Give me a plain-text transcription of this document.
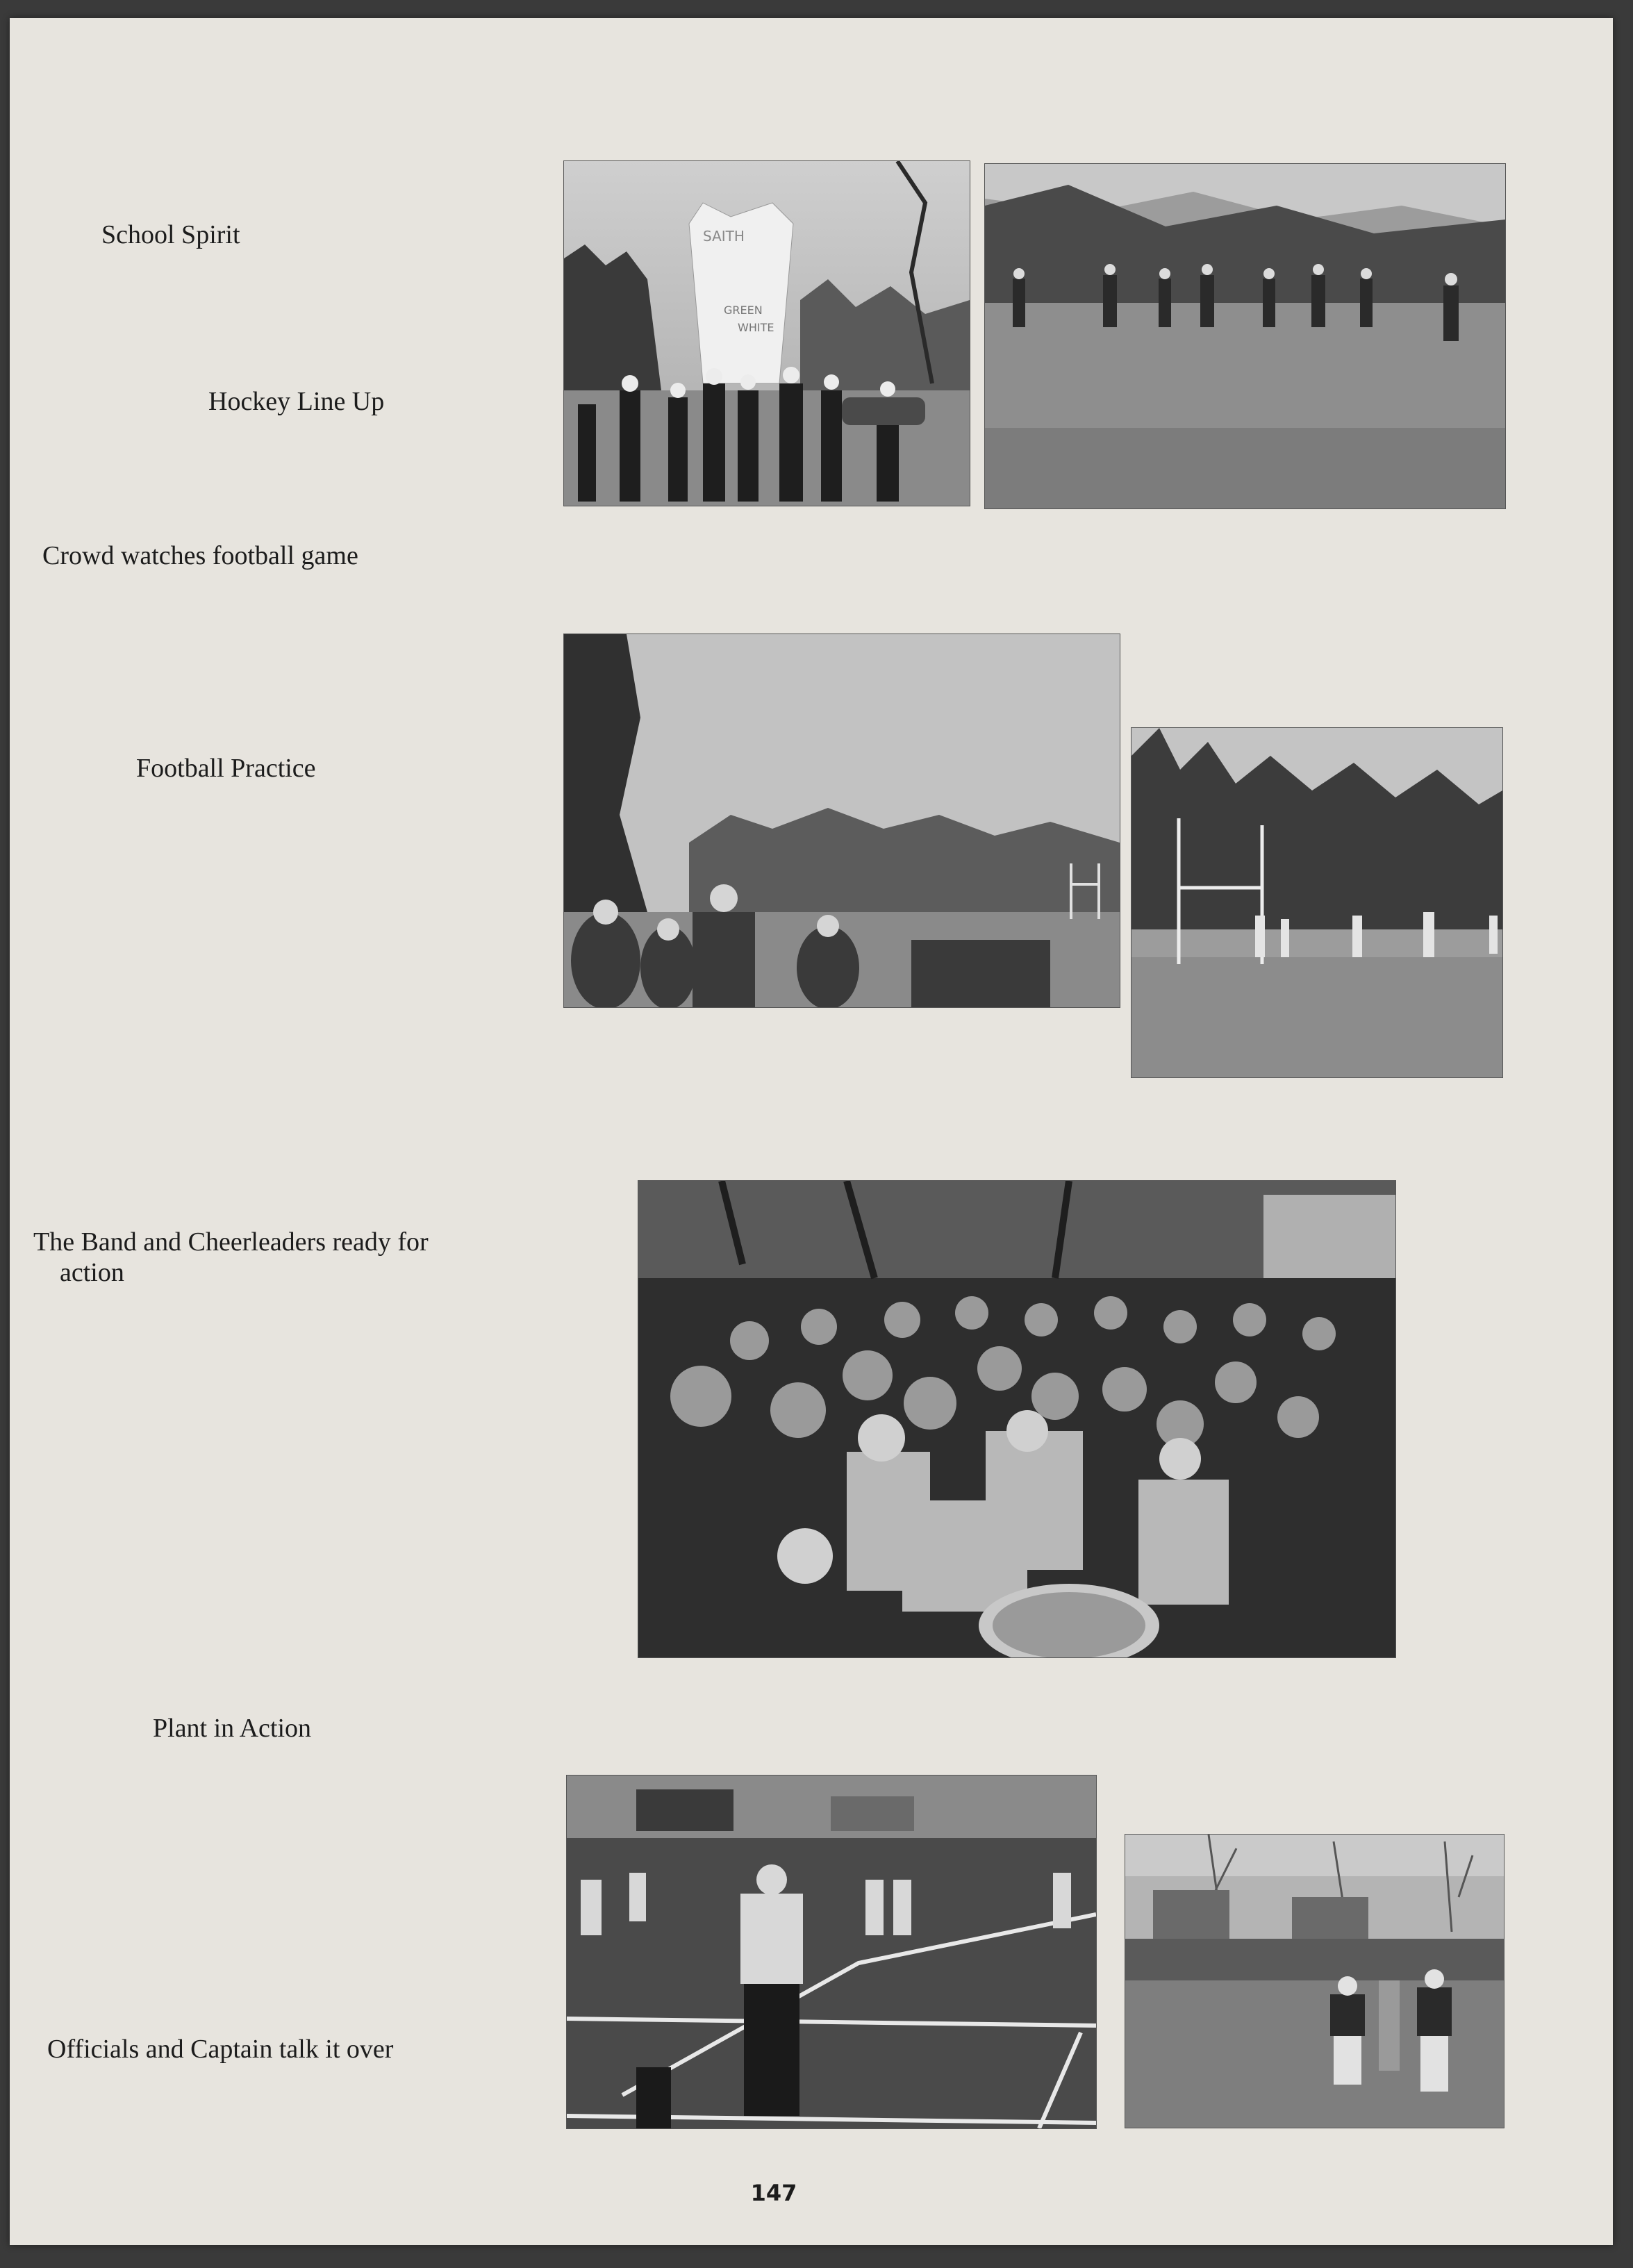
School Spirit
Hockey Line Up
Crowd watches football game
Football Practice
The Band and Cheerleaders ready for
action
Plant in Action
Officials and Captain talk it over
SAITH
GREEN
WHITE
147
